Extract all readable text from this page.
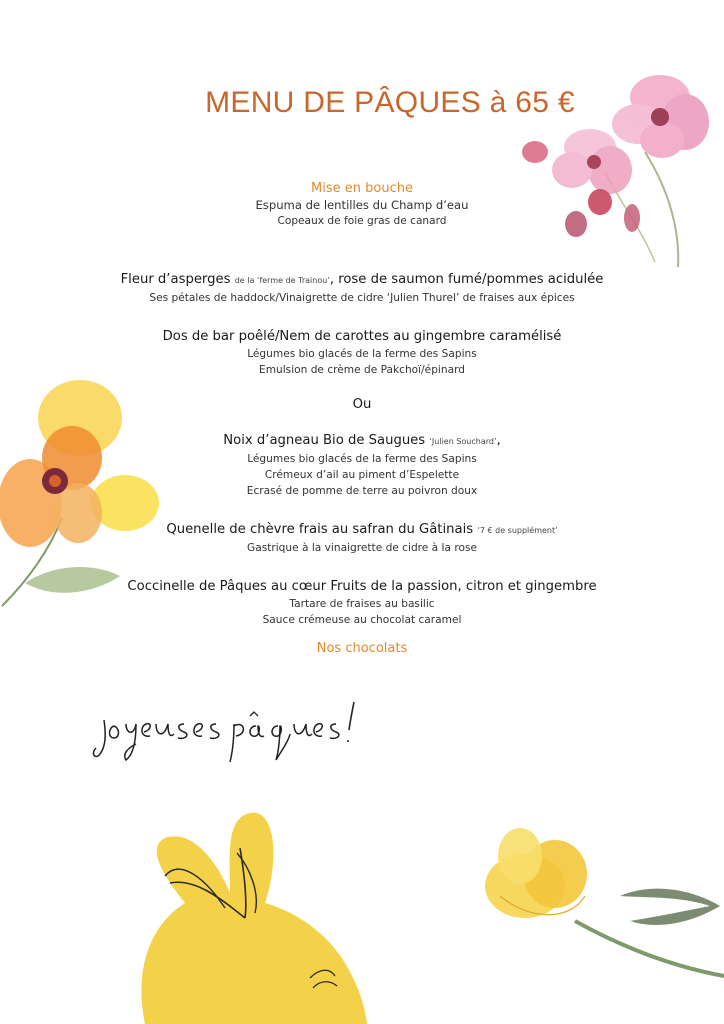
MENU DE PÂQUES à 65 €
Mise en bouche
Espuma de lentilles du Champ d’eau
Copeaux de foie gras de canard
Fleur d’asperges de la ‘ferme de Trainou’, rose de saumon fumé/pommes acidulée
Ses pétales de haddock/Vinaigrette de cidre ‘Julien Thurel’ de fraises aux épices
Dos de bar poêlé/Nem de carottes au gingembre caramélisé
Légumes bio glacés de la ferme des Sapins
Emulsion de crème de Pakchoï/épinard
Ou
Noix d’agneau Bio de Saugues ‘Julien Souchard’,
Légumes bio glacés de la ferme des Sapins
Crémeux d’ail au piment d’Espelette
Ecrasé de pomme de terre au poivron doux
Quenelle de chèvre frais au safran du Gâtinais ‘7 € de supplément’
Gastrique à la vinaigrette de cidre à la rose
Coccinelle de Pâques au cœur Fruits de la passion, citron et gingembre
Tartare de fraises au basilic
Sauce crémeuse au chocolat caramel
Nos chocolats
